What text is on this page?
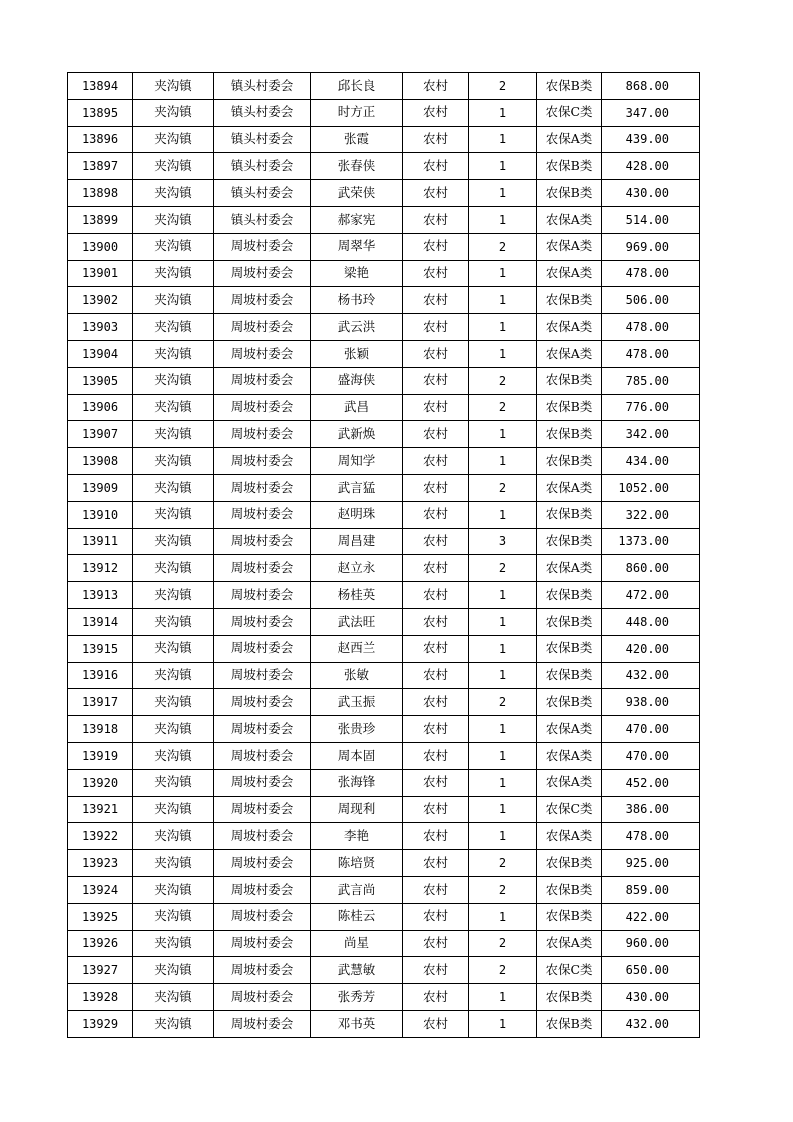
13894	夹沟镇	镇头村委会	邱长良	农村	2	农保B类	868.00
13895	夹沟镇	镇头村委会	时方正	农村	1	农保C类	347.00
13896	夹沟镇	镇头村委会	张霞	农村	1	农保A类	439.00
13897	夹沟镇	镇头村委会	张春侠	农村	1	农保B类	428.00
13898	夹沟镇	镇头村委会	武荣侠	农村	1	农保B类	430.00
13899	夹沟镇	镇头村委会	郝家宪	农村	1	农保A类	514.00
13900	夹沟镇	周坡村委会	周翠华	农村	2	农保A类	969.00
13901	夹沟镇	周坡村委会	梁艳	农村	1	农保A类	478.00
13902	夹沟镇	周坡村委会	杨书玲	农村	1	农保B类	506.00
13903	夹沟镇	周坡村委会	武云洪	农村	1	农保A类	478.00
13904	夹沟镇	周坡村委会	张颖	农村	1	农保A类	478.00
13905	夹沟镇	周坡村委会	盛海侠	农村	2	农保B类	785.00
13906	夹沟镇	周坡村委会	武昌	农村	2	农保B类	776.00
13907	夹沟镇	周坡村委会	武新焕	农村	1	农保B类	342.00
13908	夹沟镇	周坡村委会	周知学	农村	1	农保B类	434.00
13909	夹沟镇	周坡村委会	武言猛	农村	2	农保A类	1052.00
13910	夹沟镇	周坡村委会	赵明珠	农村	1	农保B类	322.00
13911	夹沟镇	周坡村委会	周昌建	农村	3	农保B类	1373.00
13912	夹沟镇	周坡村委会	赵立永	农村	2	农保A类	860.00
13913	夹沟镇	周坡村委会	杨桂英	农村	1	农保B类	472.00
13914	夹沟镇	周坡村委会	武法旺	农村	1	农保B类	448.00
13915	夹沟镇	周坡村委会	赵西兰	农村	1	农保B类	420.00
13916	夹沟镇	周坡村委会	张敏	农村	1	农保B类	432.00
13917	夹沟镇	周坡村委会	武玉振	农村	2	农保B类	938.00
13918	夹沟镇	周坡村委会	张贵珍	农村	1	农保A类	470.00
13919	夹沟镇	周坡村委会	周本固	农村	1	农保A类	470.00
13920	夹沟镇	周坡村委会	张海锋	农村	1	农保A类	452.00
13921	夹沟镇	周坡村委会	周现利	农村	1	农保C类	386.00
13922	夹沟镇	周坡村委会	李艳	农村	1	农保A类	478.00
13923	夹沟镇	周坡村委会	陈培贤	农村	2	农保B类	925.00
13924	夹沟镇	周坡村委会	武言尚	农村	2	农保B类	859.00
13925	夹沟镇	周坡村委会	陈桂云	农村	1	农保B类	422.00
13926	夹沟镇	周坡村委会	尚星	农村	2	农保A类	960.00
13927	夹沟镇	周坡村委会	武慧敏	农村	2	农保C类	650.00
13928	夹沟镇	周坡村委会	张秀芳	农村	1	农保B类	430.00
13929	夹沟镇	周坡村委会	邓书英	农村	1	农保B类	432.00
